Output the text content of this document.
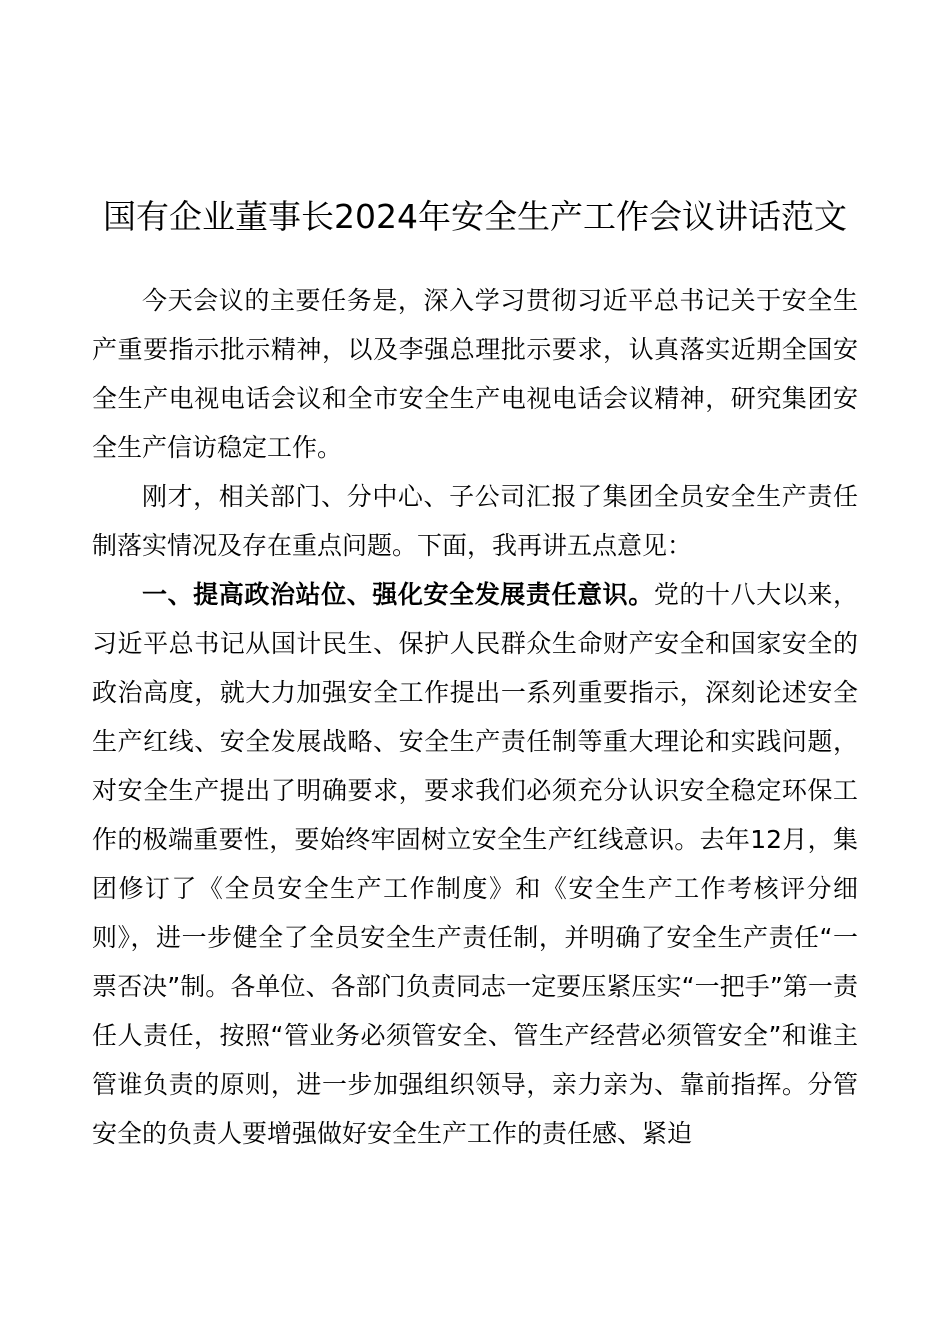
国有企业董事长2024年安全生产工作会议讲话范文

今天会议的主要任务是，深入学习贯彻习近平总书记关于安全生产重要指示批示精神，以及李强总理批示要求，认真落实近期全国安全生产电视电话会议和全市安全生产电视电话会议精神，研究集团安全生产信访稳定工作。

刚才，相关部门、分中心、子公司汇报了集团全员安全生产责任制落实情况及存在重点问题。下面，我再讲五点意见：

一、提高政治站位、强化安全发展责任意识。党的十八大以来，习近平总书记从国计民生、保护人民群众生命财产安全和国家安全的政治高度，就大力加强安全工作提出一系列重要指示，深刻论述安全生产红线、安全发展战略、安全生产责任制等重大理论和实践问题，对安全生产提出了明确要求，要求我们必须充分认识安全稳定环保工作的极端重要性，要始终牢固树立安全生产红线意识。去年12月，集团修订了《全员安全生产工作制度》和《安全生产工作考核评分细则》，进一步健全了全员安全生产责任制，并明确了安全生产责任“一票否决”制。各单位、各部门负责同志一定要压紧压实“一把手”第一责任人责任，按照“管业务必须管安全、管生产经营必须管安全”和谁主管谁负责的原则，进一步加强组织领导，亲力亲为、靠前指挥。分管安全的负责人要增强做好安全生产工作的责任感、紧迫
